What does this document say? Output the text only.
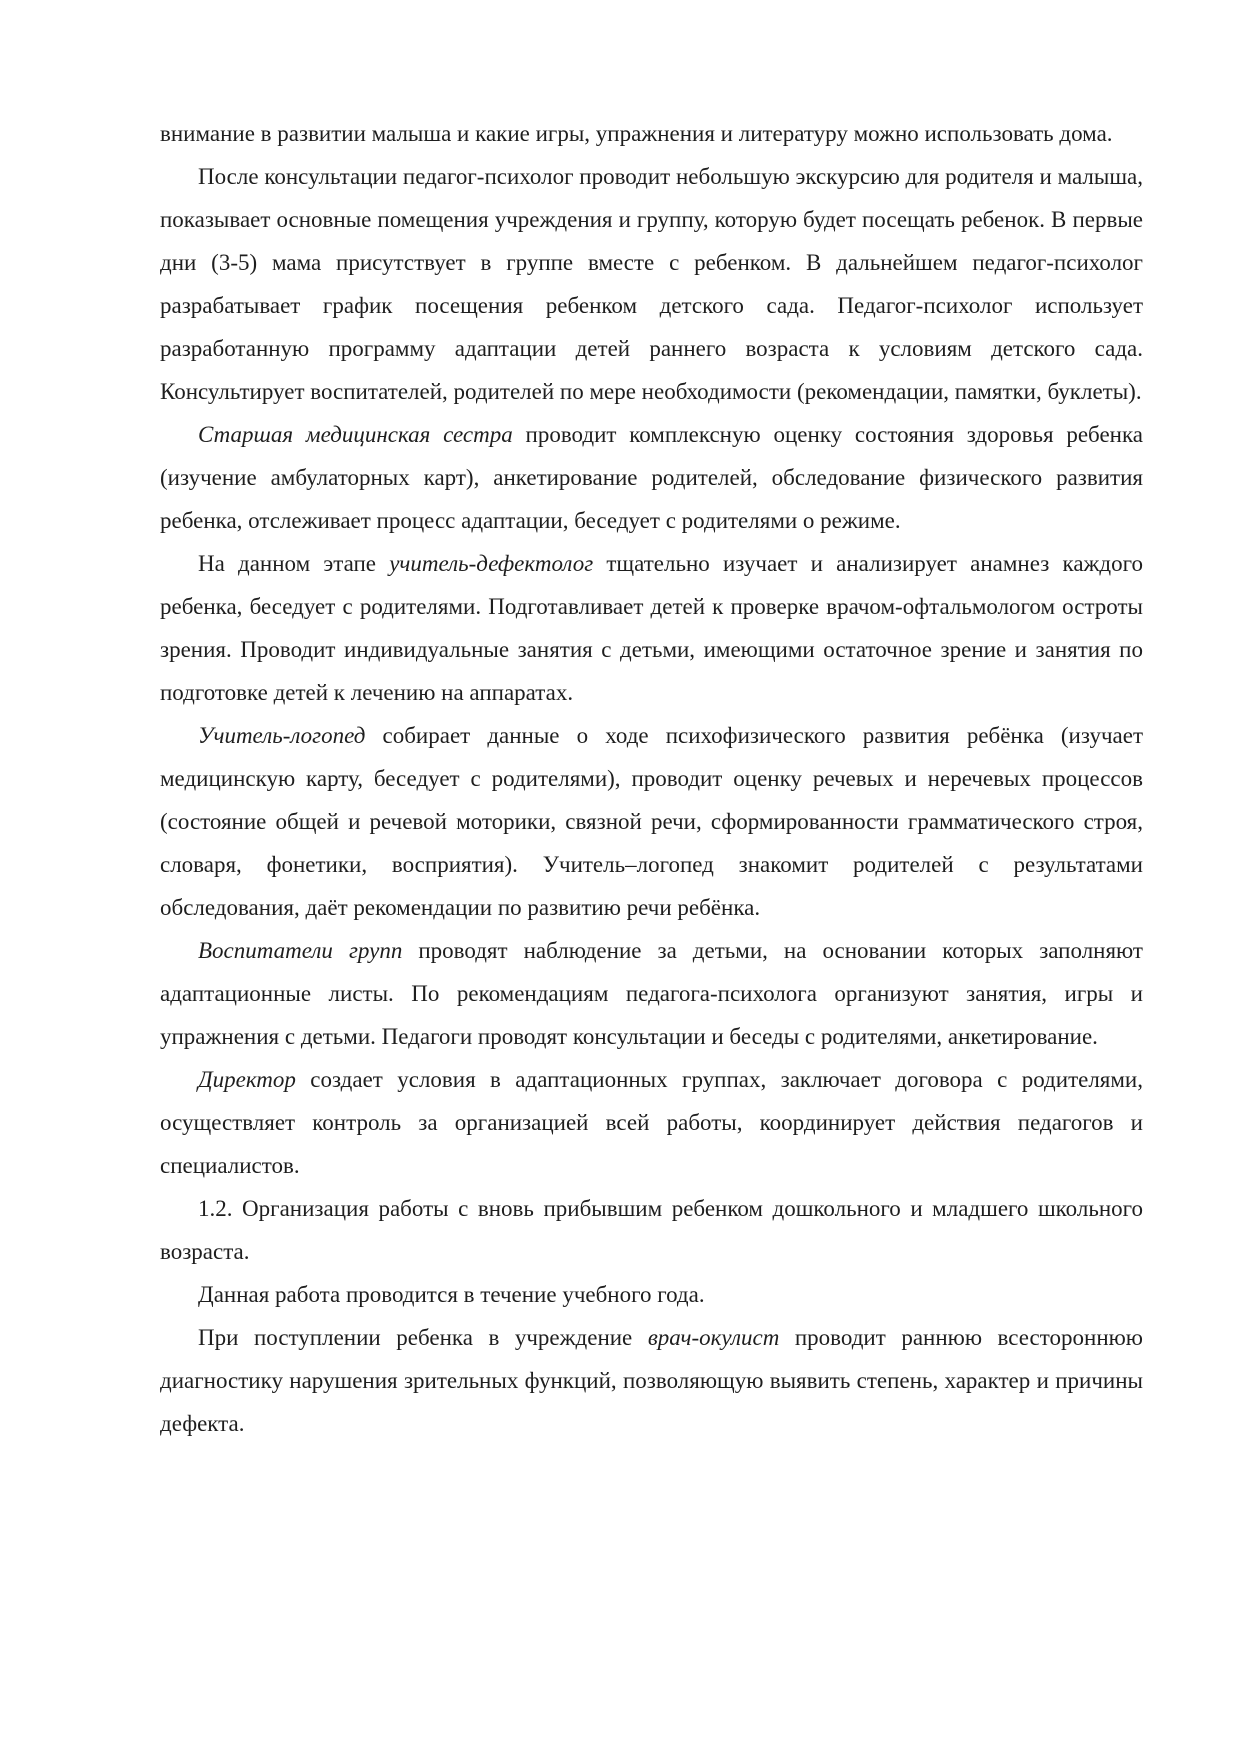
внимание в развитии малыша и какие игры, упражнения и литературу можно использовать дома.

После консультации педагог-психолог проводит небольшую экскурсию для родителя и малыша, показывает основные помещения учреждения и группу, которую будет посещать ребенок. В первые дни (3-5) мама присутствует в группе вместе с ребенком. В дальнейшем педагог-психолог разрабатывает график посещения ребенком детского сада. Педагог-психолог использует разработанную программу адаптации детей раннего возраста к условиям детского сада. Консультирует воспитателей, родителей по мере необходимости (рекомендации, памятки, буклеты).

Старшая медицинская сестра проводит комплексную оценку состояния здоровья ребенка (изучение амбулаторных карт), анкетирование родителей, обследование физического развития ребенка, отслеживает процесс адаптации, беседует с родителями о режиме.

На данном этапе учитель-дефектолог тщательно изучает и анализирует анамнез каждого ребенка, беседует с родителями. Подготавливает детей к проверке врачом-офтальмологом остроты зрения. Проводит индивидуальные занятия с детьми, имеющими остаточное зрение и занятия по подготовке детей к лечению на аппаратах.

Учитель-логопед собирает данные о ходе психофизического развития ребёнка (изучает медицинскую карту, беседует с родителями), проводит оценку речевых и неречевых процессов (состояние общей и речевой моторики, связной речи, сформированности грамматического строя, словаря, фонетики, восприятия). Учитель–логопед знакомит родителей с результатами обследования, даёт рекомендации по развитию речи ребёнка.

Воспитатели групп проводят наблюдение за детьми, на основании которых заполняют адаптационные листы. По рекомендациям педагога-психолога организуют занятия, игры и упражнения с детьми. Педагоги проводят консультации и беседы с родителями, анкетирование.

Директор создает условия в адаптационных группах, заключает договора с родителями, осуществляет контроль за организацией всей работы, координирует действия педагогов и специалистов.

1.2. Организация работы с вновь прибывшим ребенком дошкольного и младшего школьного возраста.

Данная работа проводится в течение учебного года.

При поступлении ребенка в учреждение врач-окулист проводит раннюю всестороннюю диагностику нарушения зрительных функций, позволяющую выявить степень, характер и причины дефекта.
